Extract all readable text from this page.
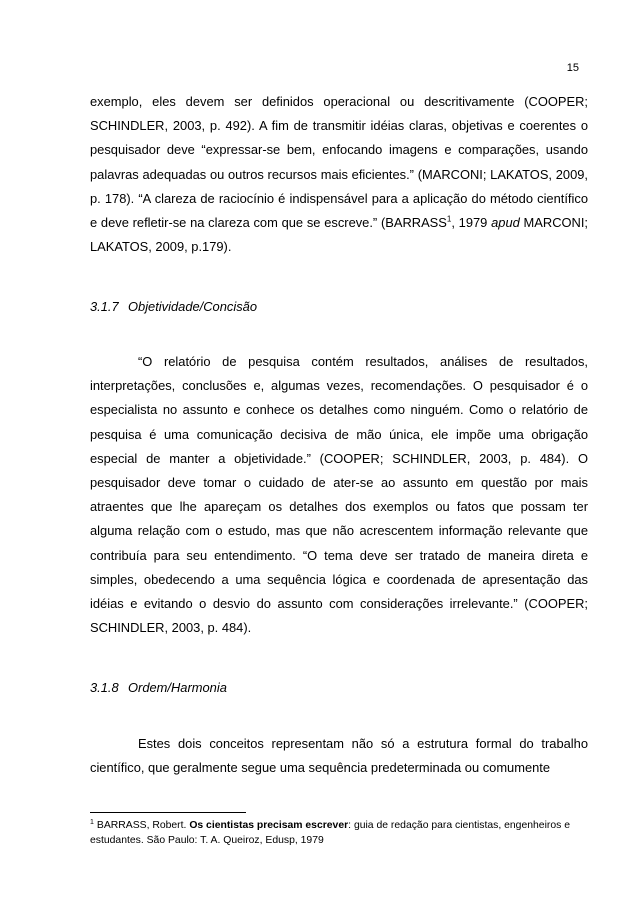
15
exemplo, eles devem ser definidos operacional ou descritivamente (COOPER; SCHINDLER, 2003, p. 492). A fim de transmitir idéias claras, objetivas e coerentes o pesquisador deve “expressar-se bem, enfocando imagens e comparações, usando palavras adequadas ou outros recursos mais eficientes.” (MARCONI; LAKATOS, 2009, p. 178). “A clareza de raciocínio é indispensável para a aplicação do método científico e deve refletir-se na clareza com que se escreve.” (BARRASS$^1$, 1979 apud MARCONI; LAKATOS, 2009, p.179).
3.1.7 Objetividade/Concisão
“O relatório de pesquisa contém resultados, análises de resultados, interpretações, conclusões e, algumas vezes, recomendações. O pesquisador é o especialista no assunto e conhece os detalhes como ninguém. Como o relatório de pesquisa é uma comunicação decisiva de mão única, ele impõe uma obrigação especial de manter a objetividade.” (COOPER; SCHINDLER, 2003, p. 484). O pesquisador deve tomar o cuidado de ater-se ao assunto em questão por mais atraentes que lhe apareçam os detalhes dos exemplos ou fatos que possam ter alguma relação com o estudo, mas que não acrescentem informação relevante que contribuía para seu entendimento. “O tema deve ser tratado de maneira direta e simples, obedecendo a uma sequência lógica e coordenada de apresentação das idéias e evitando o desvio do assunto com considerações irrelevante.” (COOPER; SCHINDLER, 2003, p. 484).
3.1.8 Ordem/Harmonia
Estes dois conceitos representam não só a estrutura formal do trabalho científico, que geralmente segue uma sequência predeterminada ou comumente
$^1$ BARRASS, Robert. Os cientistas precisam escrever: guia de redação para cientistas, engenheiros e estudantes. São Paulo: T. A. Queiroz, Edusp, 1979
